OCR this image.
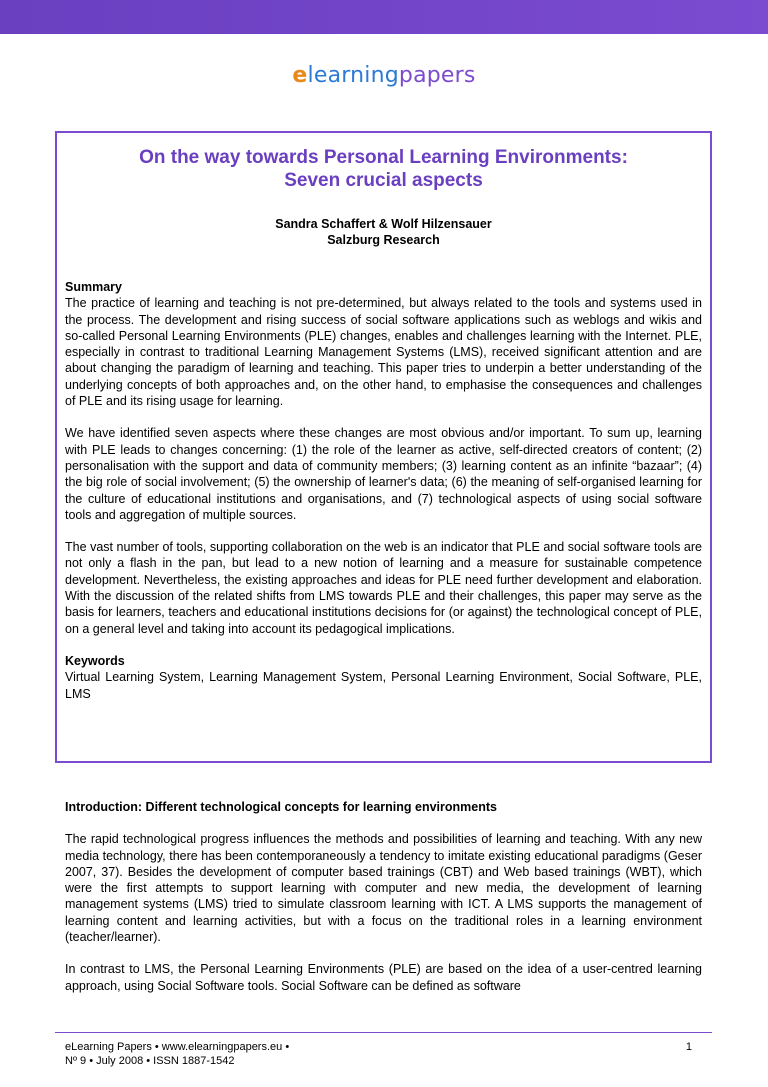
elearningpapers
On the way towards Personal Learning Environments:
Seven crucial aspects
Sandra Schaffert & Wolf Hilzensauer
Salzburg Research
Summary

The practice of learning and teaching is not pre-determined, but always related to the tools and systems used in the process. The development and rising success of social software applications such as weblogs and wikis and so-called Personal Learning Environments (PLE) changes, enables and challenges learning with the Internet. PLE, especially in contrast to traditional Learning Management Systems (LMS), received significant attention and are about changing the paradigm of learning and teaching. This paper tries to underpin a better understanding of the underlying concepts of both approaches and, on the other hand, to emphasise the consequences and challenges of PLE and its rising usage for learning.

We have identified seven aspects where these changes are most obvious and/or important. To sum up, learning with PLE leads to changes concerning: (1) the role of the learner as active, self-directed creators of content; (2) personalisation with the support and data of community members; (3) learning content as an infinite “bazaar”; (4) the big role of social involvement; (5) the ownership of learner's data; (6) the meaning of self-organised learning for the culture of educational institutions and organisations, and (7) technological aspects of using social software tools and aggregation of multiple sources.

The vast number of tools, supporting collaboration on the web is an indicator that PLE and social software tools are not only a flash in the pan, but lead to a new notion of learning and a measure for sustainable competence development. Nevertheless, the existing approaches and ideas for PLE need further development and elaboration. With the discussion of the related shifts from LMS towards PLE and their challenges, this paper may serve as the basis for learners, teachers and educational institutions decisions for (or against) the technological concept of PLE, on a general level and taking into account its pedagogical implications.

Keywords

Virtual Learning System, Learning Management System, Personal Learning Environment, Social Software, PLE, LMS

Introduction: Different technological concepts for learning environments

The rapid technological progress influences the methods and possibilities of learning and teaching. With any new media technology, there has been contemporaneously a tendency to imitate existing educational paradigms (Geser 2007, 37). Besides the development of computer based trainings (CBT) and Web based trainings (WBT), which were the first attempts to support learning with computer and new media, the development of learning management systems (LMS) tried to simulate classroom learning with ICT. A LMS supports the management of learning content and learning activities, but with a focus on the traditional roles in a learning environment (teacher/learner).

In contrast to LMS, the Personal Learning Environments (PLE) are based on the idea of a user-centred learning approach, using Social Software tools. Social Software can be defined as software

eLearning Papers • www.elearningpapers.eu •
Nº 9 • July 2008 • ISSN 1887-1542
1
